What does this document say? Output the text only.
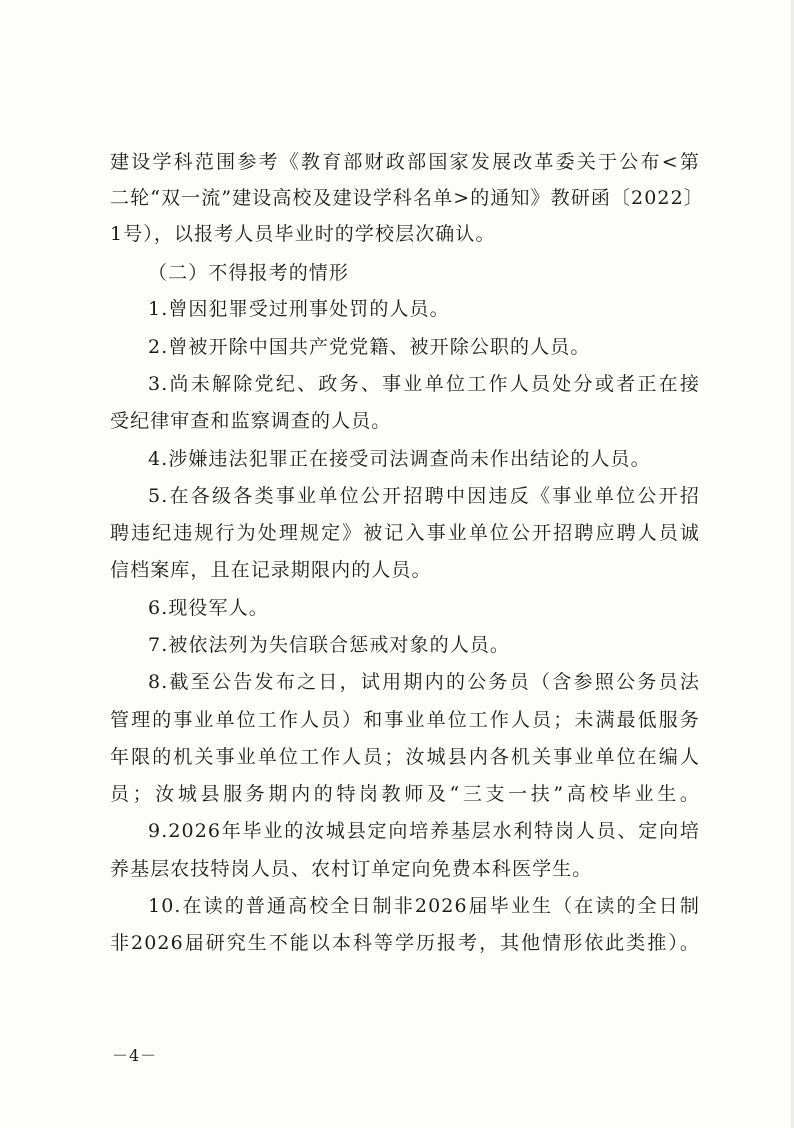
建设学科范围参考《教育部财政部国家发展改革委关于公布<第
二轮“双一流”建设高校及建设学科名单>的通知》教研函〔2022〕
1号），以报考人员毕业时的学校层次确认。
（二）不得报考的情形
1.曾因犯罪受过刑事处罚的人员。
2.曾被开除中国共产党党籍、被开除公职的人员。
3.尚未解除党纪、政务、事业单位工作人员处分或者正在接
受纪律审查和监察调查的人员。
4.涉嫌违法犯罪正在接受司法调查尚未作出结论的人员。
5.在各级各类事业单位公开招聘中因违反《事业单位公开招
聘违纪违规行为处理规定》被记入事业单位公开招聘应聘人员诚
信档案库，且在记录期限内的人员。
6.现役军人。
7.被依法列为失信联合惩戒对象的人员。
8.截至公告发布之日，试用期内的公务员（含参照公务员法
管理的事业单位工作人员）和事业单位工作人员；未满最低服务
年限的机关事业单位工作人员；汝城县内各机关事业单位在编人
员；汝城县服务期内的特岗教师及“三支一扶”高校毕业生。
9.2026年毕业的汝城县定向培养基层水利特岗人员、定向培
养基层农技特岗人员、农村订单定向免费本科医学生。
10.在读的普通高校全日制非2026届毕业生（在读的全日制
非2026届研究生不能以本科等学历报考，其他情形依此类推）。
－4－
